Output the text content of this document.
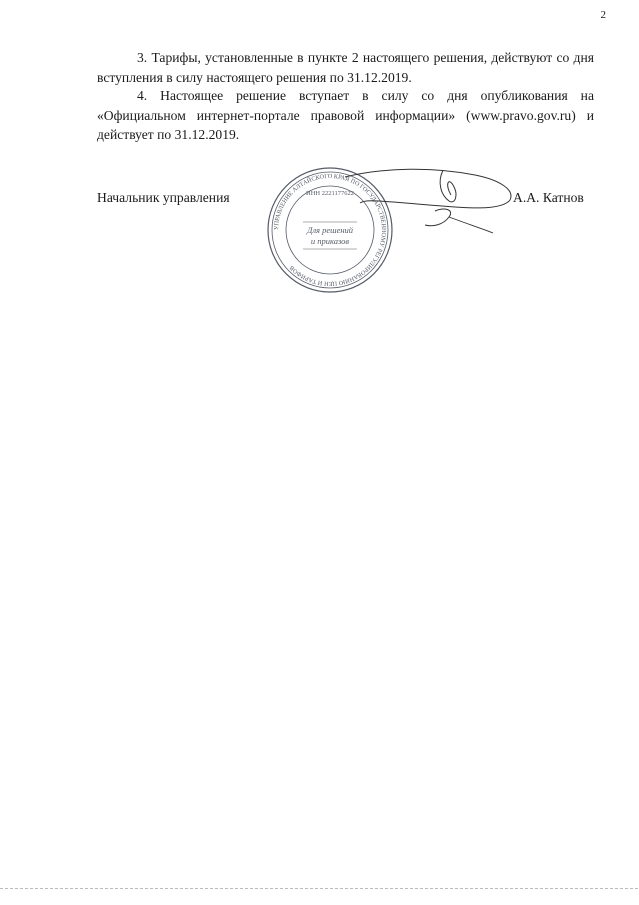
2

3. Тарифы, установленные в пункте 2 настоящего решения, действуют со дня вступления в силу настоящего решения по 31.12.2019.

4. Настоящее решение вступает в силу со дня опубликования на «Официальном интернет-портале правовой информации» (www.pravo.gov.ru) и действует по 31.12.2019.

Начальник управления
УПРАВЛЕНИЕ АЛТАЙСКОГО КРАЯ ПО ГОСУДАРСТВЕННОМУ РЕГУЛИРОВАНИЮ ЦЕН И ТАРИФОВ
ИНН 2221177622
Для решений
и приказов
А.А. Катнов
